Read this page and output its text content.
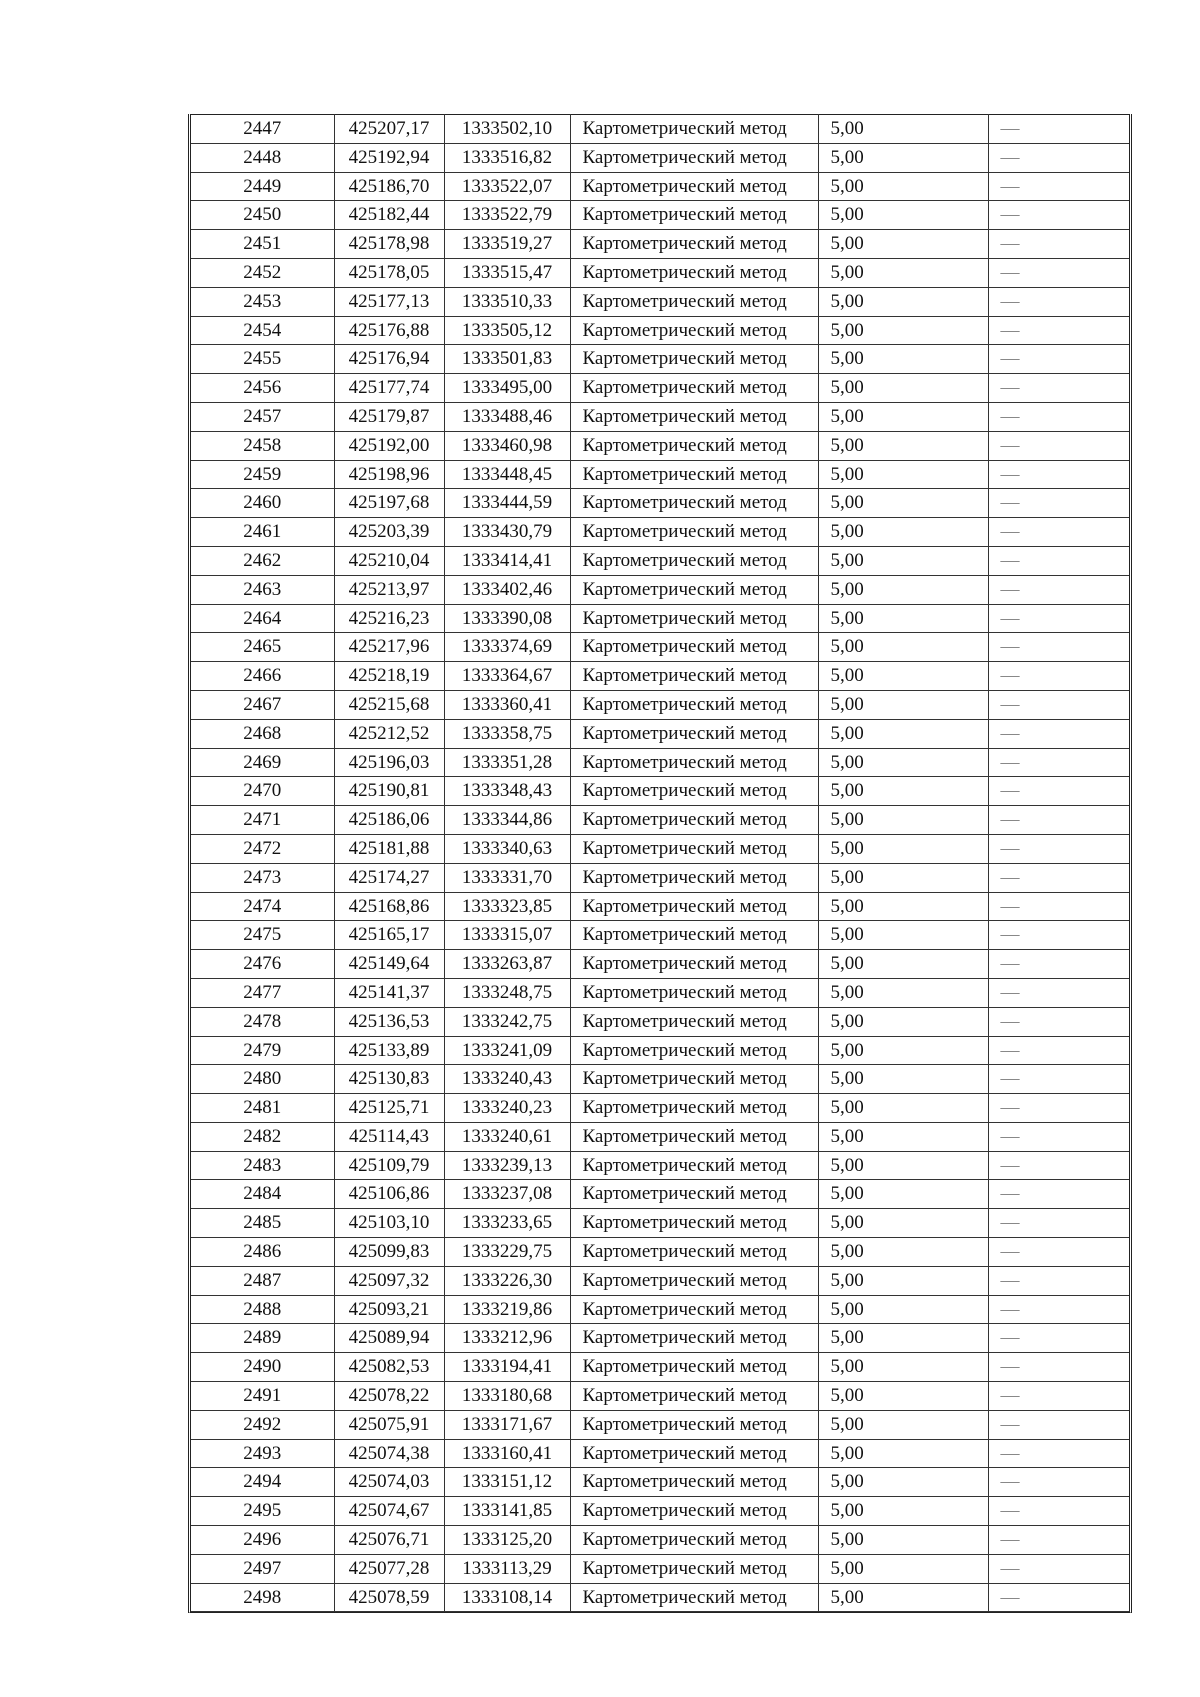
2447	425207,17	1333502,10	Картометрический метод	5,00	—
2448	425192,94	1333516,82	Картометрический метод	5,00	—
2449	425186,70	1333522,07	Картометрический метод	5,00	—
2450	425182,44	1333522,79	Картометрический метод	5,00	—
2451	425178,98	1333519,27	Картометрический метод	5,00	—
2452	425178,05	1333515,47	Картометрический метод	5,00	—
2453	425177,13	1333510,33	Картометрический метод	5,00	—
2454	425176,88	1333505,12	Картометрический метод	5,00	—
2455	425176,94	1333501,83	Картометрический метод	5,00	—
2456	425177,74	1333495,00	Картометрический метод	5,00	—
2457	425179,87	1333488,46	Картометрический метод	5,00	—
2458	425192,00	1333460,98	Картометрический метод	5,00	—
2459	425198,96	1333448,45	Картометрический метод	5,00	—
2460	425197,68	1333444,59	Картометрический метод	5,00	—
2461	425203,39	1333430,79	Картометрический метод	5,00	—
2462	425210,04	1333414,41	Картометрический метод	5,00	—
2463	425213,97	1333402,46	Картометрический метод	5,00	—
2464	425216,23	1333390,08	Картометрический метод	5,00	—
2465	425217,96	1333374,69	Картометрический метод	5,00	—
2466	425218,19	1333364,67	Картометрический метод	5,00	—
2467	425215,68	1333360,41	Картометрический метод	5,00	—
2468	425212,52	1333358,75	Картометрический метод	5,00	—
2469	425196,03	1333351,28	Картометрический метод	5,00	—
2470	425190,81	1333348,43	Картометрический метод	5,00	—
2471	425186,06	1333344,86	Картометрический метод	5,00	—
2472	425181,88	1333340,63	Картометрический метод	5,00	—
2473	425174,27	1333331,70	Картометрический метод	5,00	—
2474	425168,86	1333323,85	Картометрический метод	5,00	—
2475	425165,17	1333315,07	Картометрический метод	5,00	—
2476	425149,64	1333263,87	Картометрический метод	5,00	—
2477	425141,37	1333248,75	Картометрический метод	5,00	—
2478	425136,53	1333242,75	Картометрический метод	5,00	—
2479	425133,89	1333241,09	Картометрический метод	5,00	—
2480	425130,83	1333240,43	Картометрический метод	5,00	—
2481	425125,71	1333240,23	Картометрический метод	5,00	—
2482	425114,43	1333240,61	Картометрический метод	5,00	—
2483	425109,79	1333239,13	Картометрический метод	5,00	—
2484	425106,86	1333237,08	Картометрический метод	5,00	—
2485	425103,10	1333233,65	Картометрический метод	5,00	—
2486	425099,83	1333229,75	Картометрический метод	5,00	—
2487	425097,32	1333226,30	Картометрический метод	5,00	—
2488	425093,21	1333219,86	Картометрический метод	5,00	—
2489	425089,94	1333212,96	Картометрический метод	5,00	—
2490	425082,53	1333194,41	Картометрический метод	5,00	—
2491	425078,22	1333180,68	Картометрический метод	5,00	—
2492	425075,91	1333171,67	Картометрический метод	5,00	—
2493	425074,38	1333160,41	Картометрический метод	5,00	—
2494	425074,03	1333151,12	Картометрический метод	5,00	—
2495	425074,67	1333141,85	Картометрический метод	5,00	—
2496	425076,71	1333125,20	Картометрический метод	5,00	—
2497	425077,28	1333113,29	Картометрический метод	5,00	—
2498	425078,59	1333108,14	Картометрический метод	5,00	—
